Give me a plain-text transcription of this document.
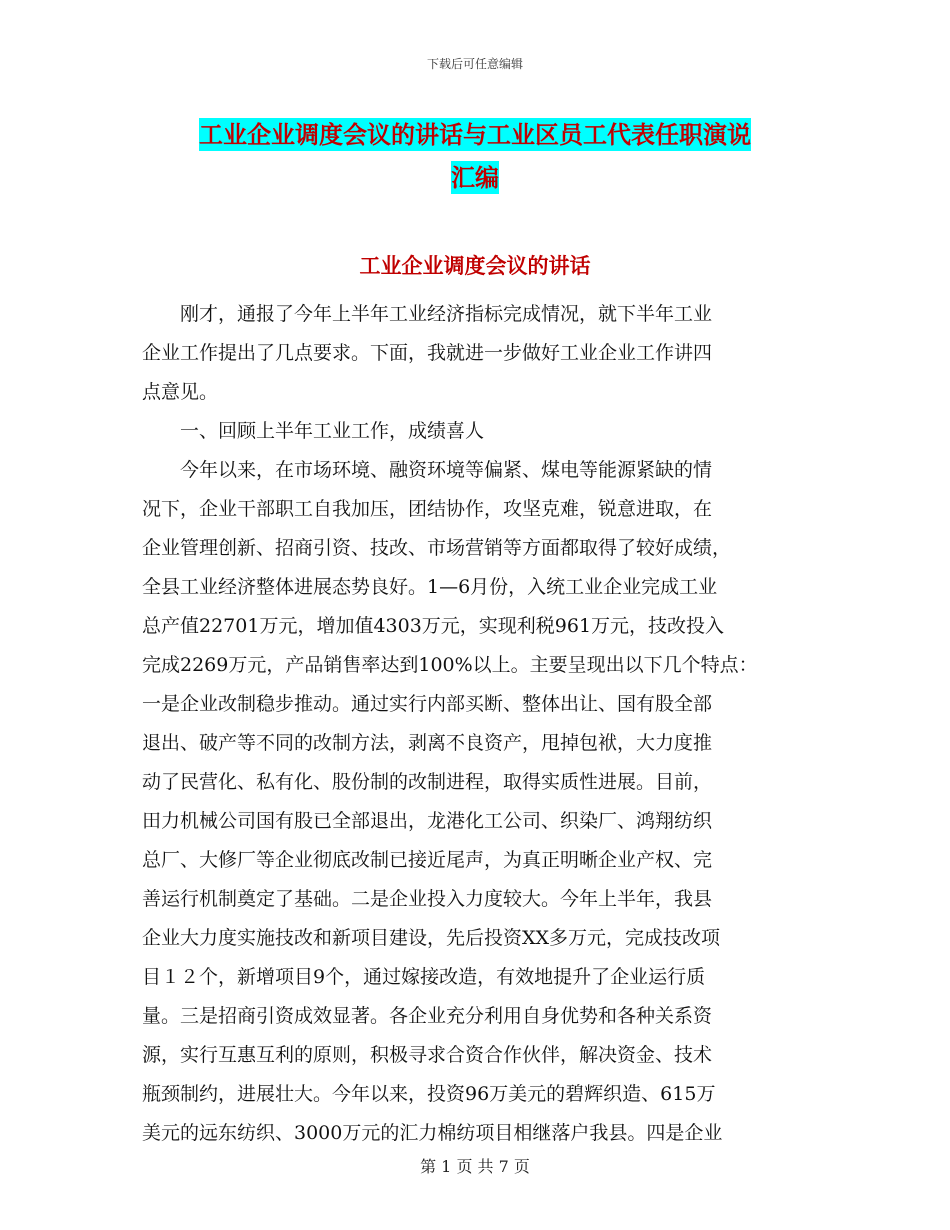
下载后可任意编辑
工业企业调度会议的讲话与工业区员工代表任职演说
汇编
工业企业调度会议的讲话
　　刚才，通报了今年上半年工业经济指标完成情况，就下半年工业
企业工作提出了几点要求。下面，我就进一步做好工业企业工作讲四
点意见。
　　一、回顾上半年工业工作，成绩喜人
　　今年以来，在市场环境、融资环境等偏紧、煤电等能源紧缺的情
况下，企业干部职工自我加压，团结协作，攻坚克难，锐意进取，在
企业管理创新、招商引资、技改、市场营销等方面都取得了较好成绩，
全县工业经济整体进展态势良好。1—6月份，入统工业企业完成工业
总产值22701万元，增加值4303万元，实现利税961万元，技改投入
完成2269万元，产品销售率达到100%以上。主要呈现出以下几个特点：
一是企业改制稳步推动。通过实行内部买断、整体出让、国有股全部
退出、破产等不同的改制方法，剥离不良资产，甩掉包袱，大力度推
动了民营化、私有化、股份制的改制进程，取得实质性进展。目前，
田力机械公司国有股已全部退出，龙港化工公司、织染厂、鸿翔纺织
总厂、大修厂等企业彻底改制已接近尾声，为真正明晰企业产权、完
善运行机制奠定了基础。二是企业投入力度较大。今年上半年，我县
企业大力度实施技改和新项目建设，先后投资XX多万元，完成技改项
目１２个，新增项目9个，通过嫁接改造，有效地提升了企业运行质
量。三是招商引资成效显著。各企业充分利用自身优势和各种关系资
源，实行互惠互利的原则，积极寻求合资合作伙伴，解决资金、技术
瓶颈制约，进展壮大。今年以来，投资96万美元的碧辉织造、615万
美元的远东纺织、3000万元的汇力棉纺项目相继落户我县。四是企业
第 1 页 共 7 页
